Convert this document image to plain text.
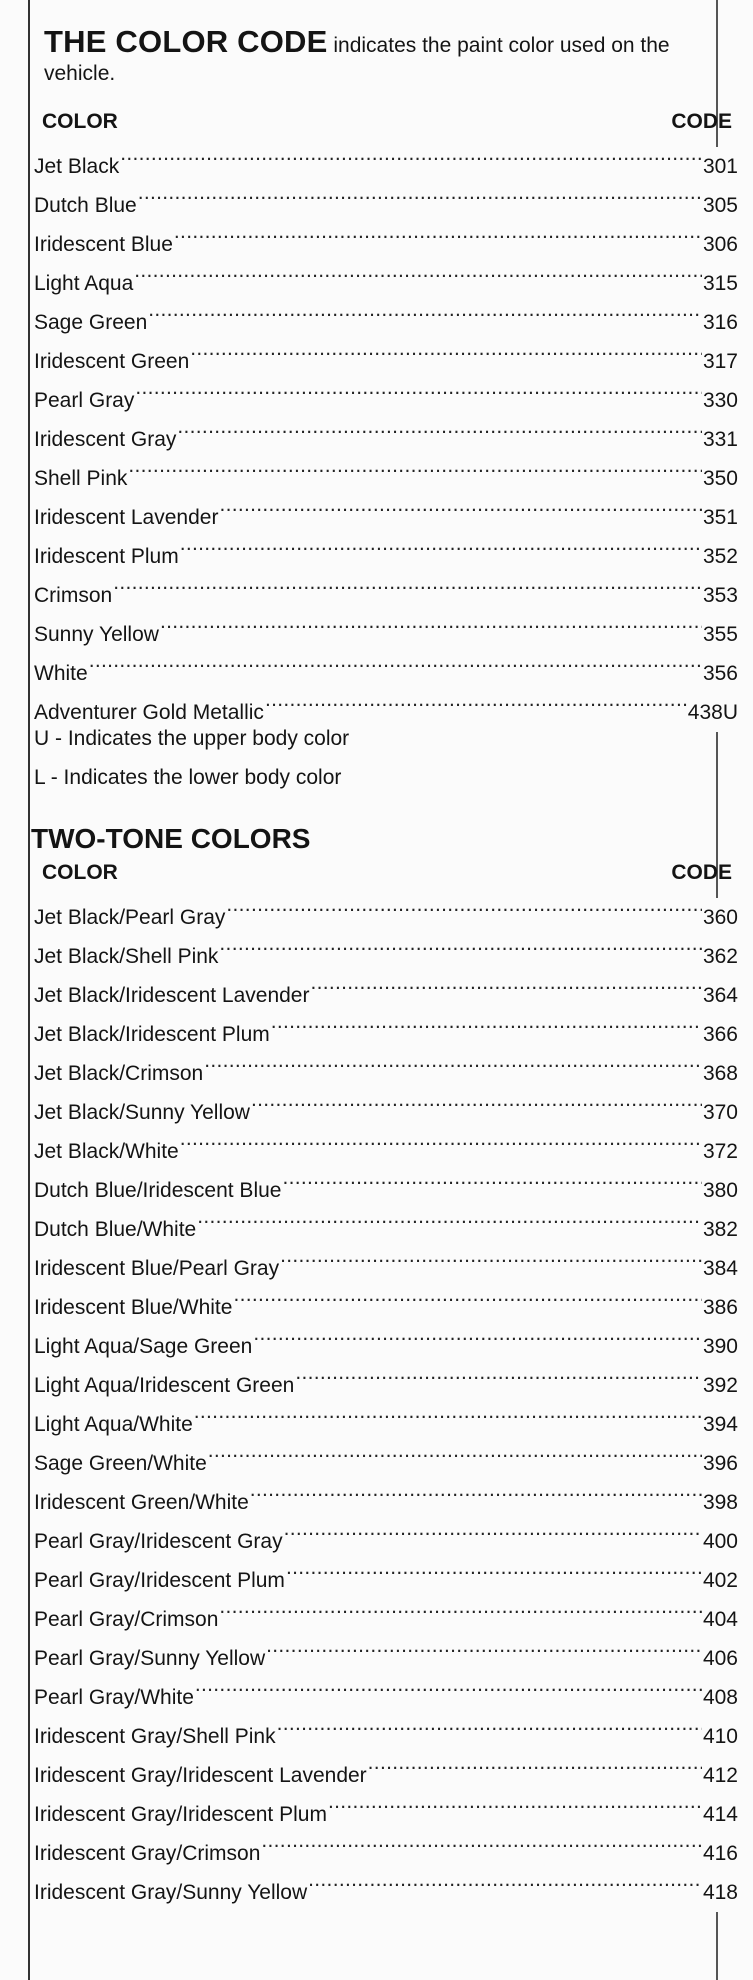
THE COLOR CODE indicates the paint color used on the vehicle.

COLOR	CODE
Jet Black .....	301
Dutch Blue .....	305
Iridescent Blue .....	306
Light Aqua .....	315
Sage Green .....	316
Iridescent Green .....	317
Pearl Gray .....	330
Iridescent Gray .....	331
Shell Pink .....	350
Iridescent Lavender .....	351
Iridescent Plum .....	352
Crimson .....	353
Sunny Yellow .....	355
White .....	356
Adventurer Gold Metallic .....	438U
U - Indicates the upper body color
L - Indicates the lower body color
TWO-TONE COLORS
COLOR	CODE
Jet Black/Pearl Gray .....	360
Jet Black/Shell Pink .....	362
Jet Black/Iridescent Lavender .....	364
Jet Black/Iridescent Plum .....	366
Jet Black/Crimson .....	368
Jet Black/Sunny Yellow .....	370
Jet Black/White .....	372
Dutch Blue/Iridescent Blue .....	380
Dutch Blue/White .....	382
Iridescent Blue/Pearl Gray .....	384
Iridescent Blue/White .....	386
Light Aqua/Sage Green .....	390
Light Aqua/Iridescent Green .....	392
Light Aqua/White .....	394
Sage Green/White .....	396
Iridescent Green/White .....	398
Pearl Gray/Iridescent Gray .....	400
Pearl Gray/Iridescent Plum .....	402
Pearl Gray/Crimson .....	404
Pearl Gray/Sunny Yellow .....	406
Pearl Gray/White .....	408
Iridescent Gray/Shell Pink .....	410
Iridescent Gray/Iridescent Lavender .....	412
Iridescent Gray/Iridescent Plum .....	414
Iridescent Gray/Crimson .....	416
Iridescent Gray/Sunny Yellow .....	418
